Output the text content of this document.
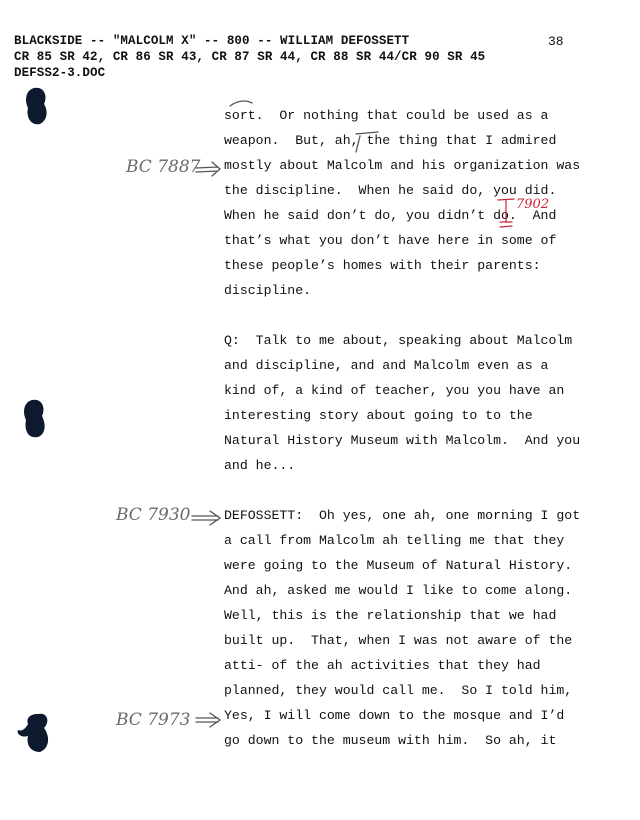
BLACKSIDE -- "MALCOLM X" -- 800 -- WILLIAM DEFOSSETT
CR 85 SR 42, CR 86 SR 43, CR 87 SR 44, CR 88 SR 44/CR 90 SR 45
DEFSS2-3.DOC
38
sort.  Or nothing that could be used as a
weapon.  But, ah, the thing that I admired
mostly about Malcolm and his organization was
the discipline.  When he said do, you did.
When he said don’t do, you didn’t do.  And
that’s what you don’t have here in some of
these people’s homes with their parents:
discipline.
Q:  Talk to me about, speaking about Malcolm
and discipline, and and Malcolm even as a
kind of, a kind of teacher, you you have an
interesting story about going to to the
Natural History Museum with Malcolm.  And you
and he...
DEFOSSETT:  Oh yes, one ah, one morning I got
a call from Malcolm ah telling me that they
were going to the Museum of Natural History.
And ah, asked me would I like to come along.
Well, this is the relationship that we had
built up.  That, when I was not aware of the
atti- of the ah activities that they had
planned, they would call me.  So I told him,
Yes, I will come down to the mosque and I’d
go down to the museum with him.  So ah, it
BC 7887
7902
BC 7930
BC 7973
